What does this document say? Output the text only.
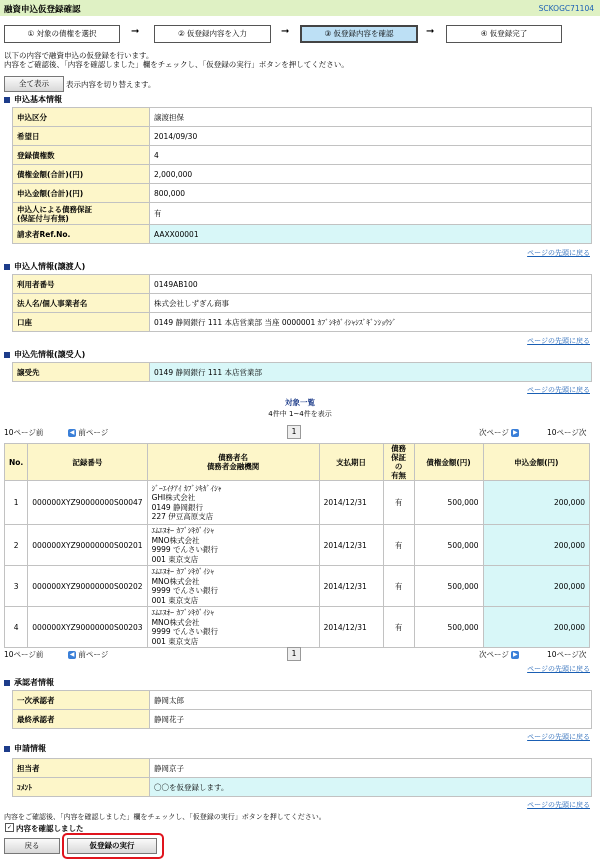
融資申込仮登録確認	SCKOGC71104
① 対象の債権を選択	➞	② 仮登録内容を入力	➞	③ 仮登録内容を確認	➞	④ 仮登録完了
以下の内容で融資申込の仮登録を行います。
内容をご確認後、「内容を確認しました」欄をチェックし、「仮登録の実行」ボタンを押してください。
全て表示	表示内容を切り替えます。
申込基本情報
申込区分	譲渡担保
希望日	2014/09/30
登録債権数	4
債権金額(合計)(円)	2,000,000
申込金額(合計)(円)	800,000
申込人による債務保証
(保証付与有無)	有
請求者Ref.No.	AAXX00001
ページの先頭に戻る
申込人情報(譲渡人)
利用者番号	0149AB100
法人名/個人事業者名	株式会社しずぎん商事
口座	0149 静岡銀行 111 本店営業部 当座 0000001 ｶﾌﾞｼｷｶﾞｲｼｬｼｽﾞｷﾞﾝｼｮｳｼﾞ
ページの先頭に戻る
申込先情報(譲受人)
譲受先	0149 静岡銀行 111 本店営業部
ページの先頭に戻る
対象一覧
4件中 1~4件を表示
10ページ前	◀ 前ページ	1	次ページ ▶	10ページ次
No.	記録番号	債務者名
債務者金融機関	支払期日	債務
保証の
有無	債権金額(円)	申込金額(円)
1	000000XYZ90000000S00047	ｼﾞｰｴｲﾁｱｲ ｶﾌﾞｼｷｶﾞｲｼｬ
GHI株式会社
0149 静岡銀行
227 伊豆高原支店	2014/12/31	有	500,000	200,000
2	000000XYZ90000000S00201	ｴﾑｴﾇｵｰ ｶﾌﾞｼｷｶﾞｲｼｬ
MNO株式会社
9999 でんさい銀行
001 東京支店	2014/12/31	有	500,000	200,000
3	000000XYZ90000000S00202	ｴﾑｴﾇｵｰ ｶﾌﾞｼｷｶﾞｲｼｬ
MNO株式会社
9999 でんさい銀行
001 東京支店	2014/12/31	有	500,000	200,000
4	000000XYZ90000000S00203	ｴﾑｴﾇｵｰ ｶﾌﾞｼｷｶﾞｲｼｬ
MNO株式会社
9999 でんさい銀行
001 東京支店	2014/12/31	有	500,000	200,000
10ページ前	◀ 前ページ	1	次ページ ▶	10ページ次
ページの先頭に戻る
承認者情報
一次承認者	静岡太郎
最終承認者	静岡花子
ページの先頭に戻る
申請情報
担当者	静岡京子
ｺﾒﾝﾄ	〇〇を仮登録します。
ページの先頭に戻る
内容をご確認後、「内容を確認しました」欄をチェックし、「仮登録の実行」ボタンを押してください。
✓ 内容を確認しました
戻る	仮登録の実行
